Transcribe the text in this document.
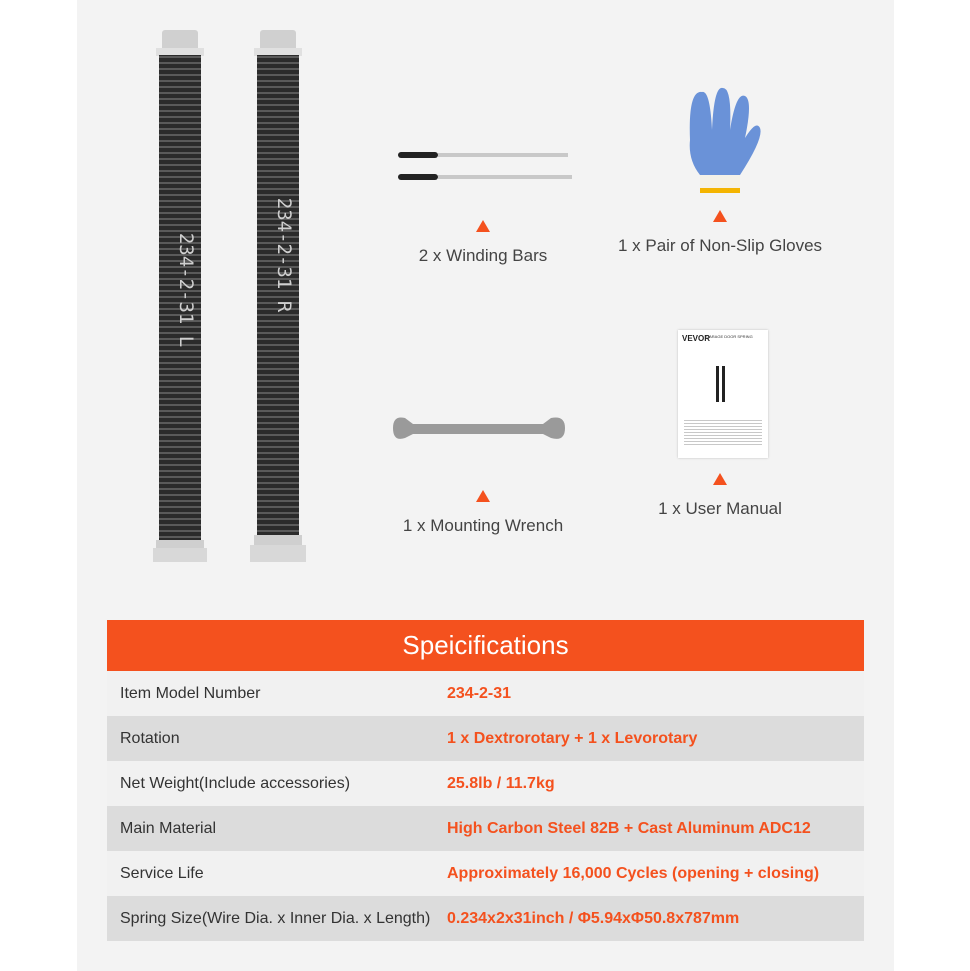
234-2-31 L	234-2-31 R	2 x Winding Bars
1 x Pair of Non-Slip Gloves
1 x Mounting Wrench
VEVOR
GARAGE DOOR SPRING
1 x User Manual
Speicifications
Item Model Number	234-2-31
Rotation	1 x Dextrorotary + 1 x Levorotary
Net Weight(Include accessories)	25.8lb / 11.7kg
Main Material	High Carbon Steel 82B + Cast Aluminum ADC12
Service Life	Approximately 16,000 Cycles (opening + closing)
Spring Size(Wire Dia. x Inner Dia. x Length)	0.234x2x31inch / Φ5.94xΦ50.8x787mm
